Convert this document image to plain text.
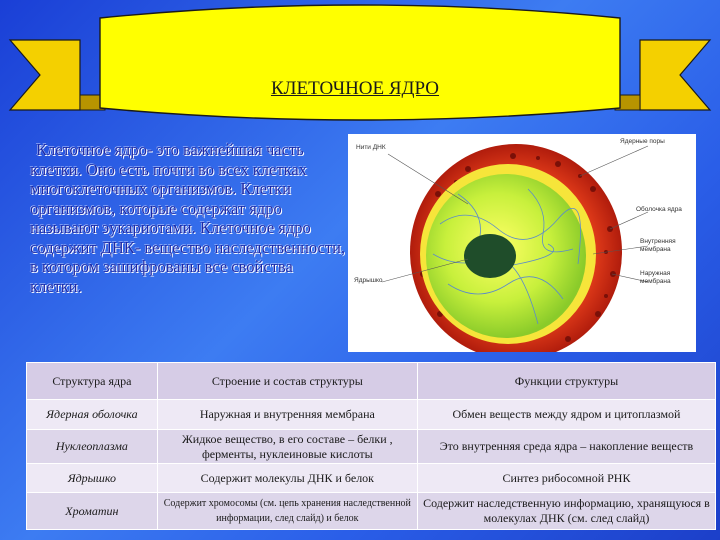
КЛЕТОЧНОЕ ЯДРО
Клеточное ядро- это важнейшая часть клетки. Оно есть почти во всех клетках многоклеточных организмов. Клетки организмов, которые содержат ядро называют эукариотами. Клеточное ядро содержит ДНК- вещество наследственности, в котором зашифрованы все свойства клетки.
Нити ДНК
Ядерные поры
Оболочка ядра
Внутренняя мембрана
Наружная мембрана
Ядрышко
Структура ядра	Строение и состав структуры	Функции структуры
Ядерная оболочка	Наружная и внутренняя мембрана	Обмен веществ между ядром и цитоплазмой
Нуклеоплазма	Жидкое вещество, в его составе – белки , ферменты, нуклеиновые кислоты	Это внутренняя среда ядра – накопление веществ
Ядрышко	Содержит молекулы ДНК и белок	Синтез рибосомной РНК
Хроматин	Содержит хромосомы (см. цепь хранения наследственной информации, след слайд) и белок	Содержит наследственную информацию, хранящуюся в молекулах ДНК (см. след слайд)
